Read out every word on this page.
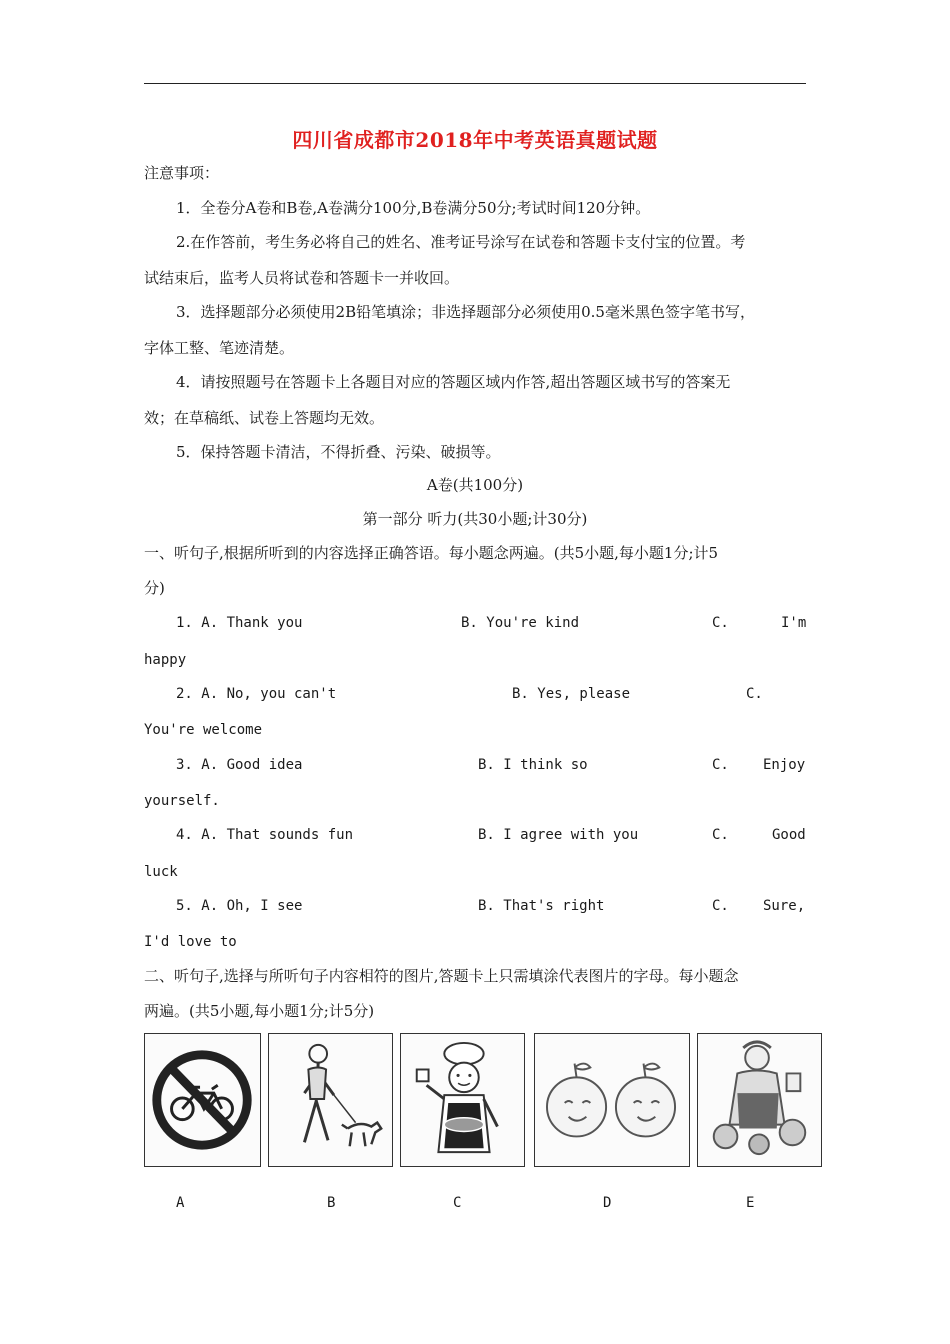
四川省成都市2018年中考英语真题试题
注意事项：
1．全卷分A卷和B卷,A卷满分100分,B卷满分50分;考试时间120分钟。
2.在作答前，考生务必将自己的姓名、准考证号涂写在试卷和答题卡支付宝的位置。考
试结束后，监考人员将试卷和答题卡一并收回。
3．选择题部分必须使用2B铅笔填涂；非选择题部分必须使用0.5毫米黑色签字笔书写，
字体工整、笔迹清楚。
4．请按照题号在答题卡上各题目对应的答题区域内作答,超出答题区域书写的答案无
效；在草稿纸、试卷上答题均无效。
5．保持答题卡清洁，不得折叠、污染、破损等。
A卷(共100分)
第一部分 听力(共30小题;计30分)
一、听句子,根据所听到的内容选择正确答语。每小题念两遍。(共5小题,每小题1分;计5
分)
1. A. Thank you	B. You're kind	C.	I'm
happy
2. A. No, you can't	B. Yes, please	C.
You're welcome
3. A. Good idea	B. I think so	C. Enjoy
yourself.
4. A. That sounds fun	B. I agree with you	C.	Good
luck
5. A. Oh, I see	B. That's right	C. Sure,
I'd love to
二、听句子,选择与所听句子内容相符的图片,答题卡上只需填涂代表图片的字母。每小题念
两遍。(共5小题,每小题1分;计5分)
A	B	C	D	E
